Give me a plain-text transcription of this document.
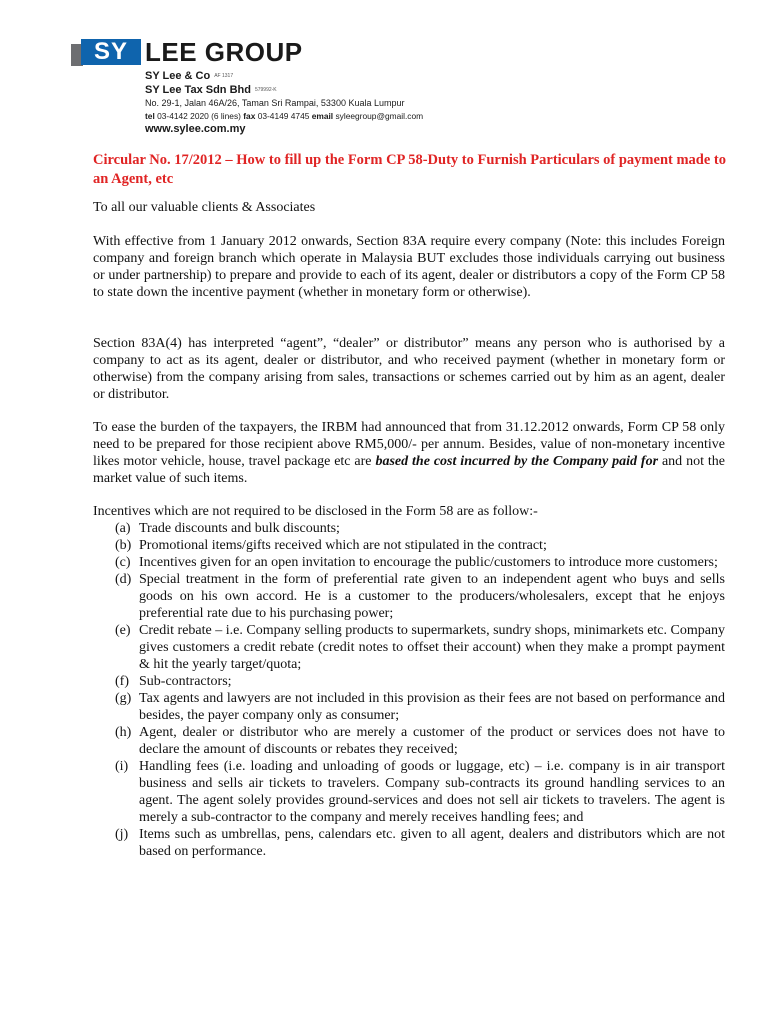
SY LEE GROUP
SY Lee & Co AF 1317
SY Lee Tax Sdn Bhd 579992-K
No. 29-1, Jalan 46A/26, Taman Sri Rampai, 53300 Kuala Lumpur
tel 03-4142 2020 (6 lines) fax 03-4149 4745 email syleegroup@gmail.com
www.sylee.com.my
Circular No. 17/2012 – How to fill up the Form CP 58-Duty to Furnish Particulars of payment made to an Agent, etc

To all our valuable clients & Associates

With effective from 1 January 2012 onwards, Section 83A require every company (Note: this includes Foreign company and foreign branch which operate in Malaysia BUT excludes those individuals carrying out business or under partnership) to prepare and provide to each of its agent, dealer or distributors a copy of the Form CP 58 to state down the incentive payment (whether in monetary form or otherwise).

Section 83A(4) has interpreted “agent”, “dealer” or distributor” means any person who is authorised by a company to act as its agent, dealer or distributor, and who received payment (whether in monetary form or otherwise) from the company arising from sales, transactions or schemes carried out by him as an agent, dealer or distributor.

To ease the burden of the taxpayers, the IRBM had announced that from 31.12.2012 onwards, Form CP 58 only need to be prepared for those recipient above RM5,000/- per annum. Besides, value of non-monetary incentive likes motor vehicle, house, travel package etc are based the cost incurred by the Company paid for and not the market value of such items.

Incentives which are not required to be disclosed in the Form 58 are as follow:-

(a) Trade discounts and bulk discounts;
(b) Promotional items/gifts received which are not stipulated in the contract;
(c) Incentives given for an open invitation to encourage the public/customers to introduce more customers;
(d) Special treatment in the form of preferential rate given to an independent agent who buys and sells goods on his own accord. He is a customer to the producers/wholesalers, except that he enjoys preferential rate due to his purchasing power;
(e) Credit rebate – i.e. Company selling products to supermarkets, sundry shops, minimarkets etc. Company gives customers a credit rebate (credit notes to offset their account) when they make a prompt payment & hit the yearly target/quota;
(f) Sub-contractors;
(g) Tax agents and lawyers are not included in this provision as their fees are not based on performance and besides, the payer company only as consumer;
(h) Agent, dealer or distributor who are merely a customer of the product or services does not have to declare the amount of discounts or rebates they received;
(i) Handling fees (i.e. loading and unloading of goods or luggage, etc) – i.e. company is in air transport business and sells air tickets to travelers. Company sub-contracts its ground handling services to an agent. The agent solely provides ground-services and does not sell air tickets to travelers. The agent is merely a sub-contractor to the company and merely receives handling fees; and
(j) Items such as umbrellas, pens, calendars etc. given to all agent, dealers and distributors which are not based on performance.
